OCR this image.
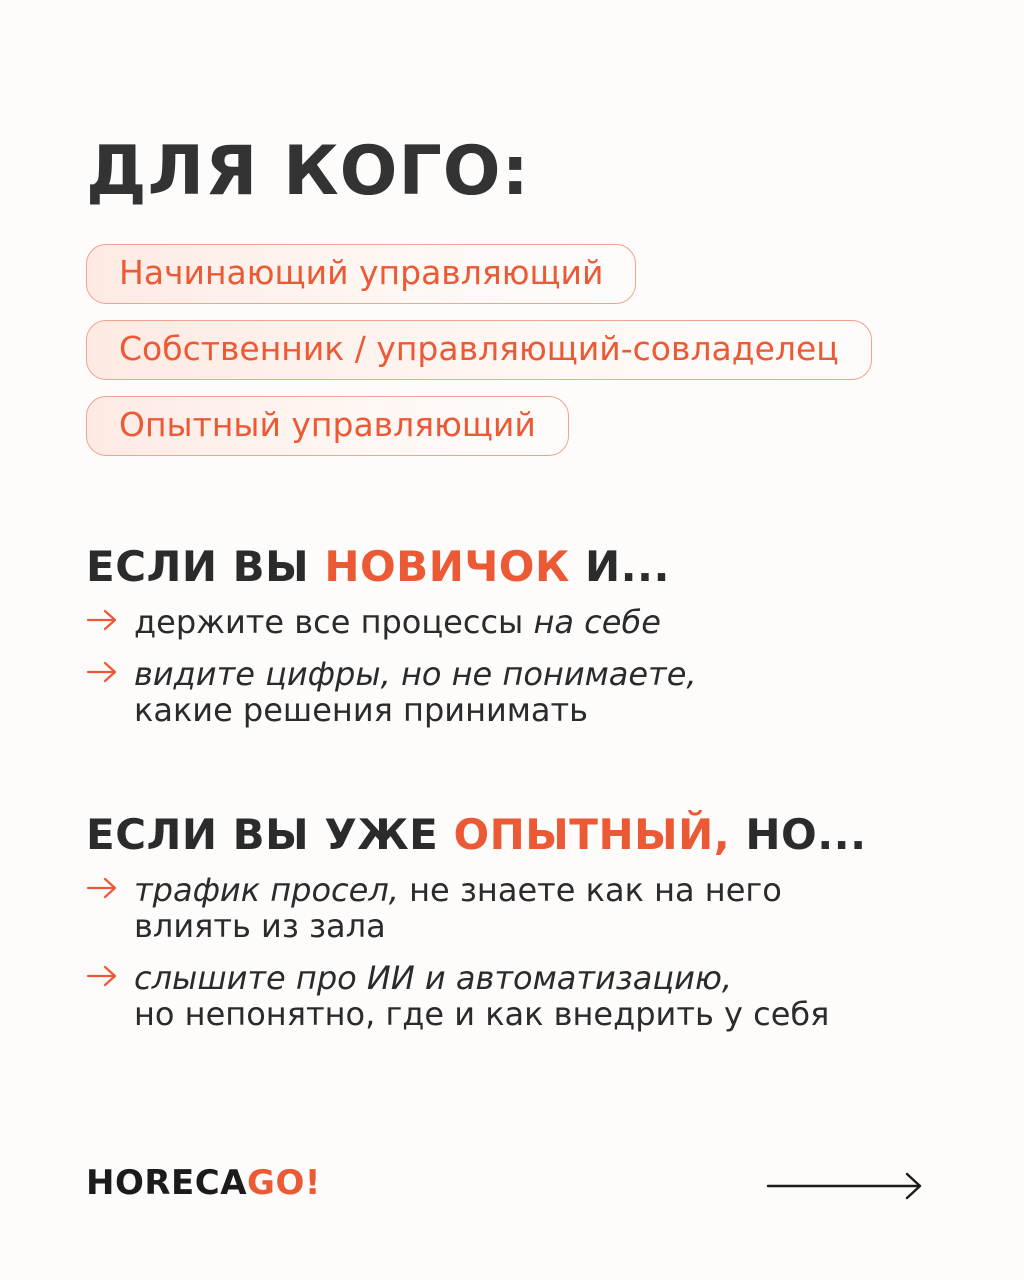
ДЛЯ КОГО:
Начинающий управляющий
Собственник / управляющий-совладелец
Опытный управляющий
ЕСЛИ ВЫ НОВИЧОК И...
держите все процессы на себе
видите цифры, но не понимаете,
какие решения принимать
ЕСЛИ ВЫ УЖЕ ОПЫТНЫЙ, НО...
трафик просел, не знаете как на него
влиять из зала
слышите про ИИ и автоматизацию,
но непонятно, где и как внедрить у себя
HORECAGO!
